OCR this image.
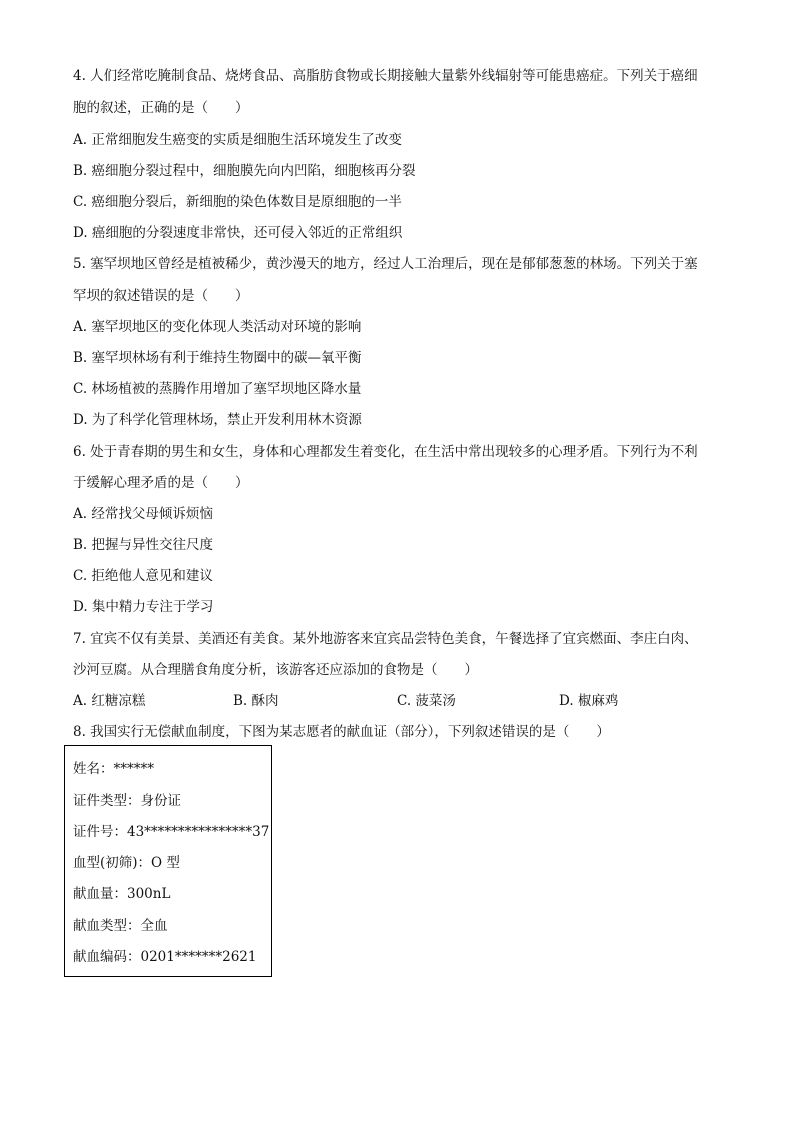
4. 人们经常吃腌制食品、烧烤食品、高脂肪食物或长期接触大量紫外线辐射等可能患癌症。下列关于癌细
胞的叙述，正确的是（　　）
A. 正常细胞发生癌变的实质是细胞生活环境发生了改变
B. 癌细胞分裂过程中，细胞膜先向内凹陷，细胞核再分裂
C. 癌细胞分裂后，新细胞的染色体数目是原细胞的一半
D. 癌细胞的分裂速度非常快，还可侵入邻近的正常组织
5. 塞罕坝地区曾经是植被稀少，黄沙漫天的地方，经过人工治理后，现在是郁郁葱葱的林场。下列关于塞
罕坝的叙述错误的是（　　）
A. 塞罕坝地区的变化体现人类活动对环境的影响
B. 塞罕坝林场有利于维持生物圈中的碳—氧平衡
C. 林场植被的蒸腾作用增加了塞罕坝地区降水量
D. 为了科学化管理林场，禁止开发利用林木资源
6. 处于青春期的男生和女生，身体和心理都发生着变化，在生活中常出现较多的心理矛盾。下列行为不利
于缓解心理矛盾的是（　　）
A. 经常找父母倾诉烦恼
B. 把握与异性交往尺度
C. 拒绝他人意见和建议
D. 集中精力专注于学习
7. 宜宾不仅有美景、美酒还有美食。某外地游客来宜宾品尝特色美食，午餐选择了宜宾燃面、李庄白肉、
沙河豆腐。从合理膳食角度分析，该游客还应添加的食物是（　　）
A. 红糖凉糕	B. 酥肉	C. 菠菜汤	D. 椒麻鸡
8. 我国实行无偿献血制度，下图为某志愿者的献血证（部分），下列叙述错误的是（　　）
姓名：******
证件类型：身份证
证件号：43****************37
血型(初筛)：O 型
献血量：300nL
献血类型：全血
献血编码：0201*******2621
